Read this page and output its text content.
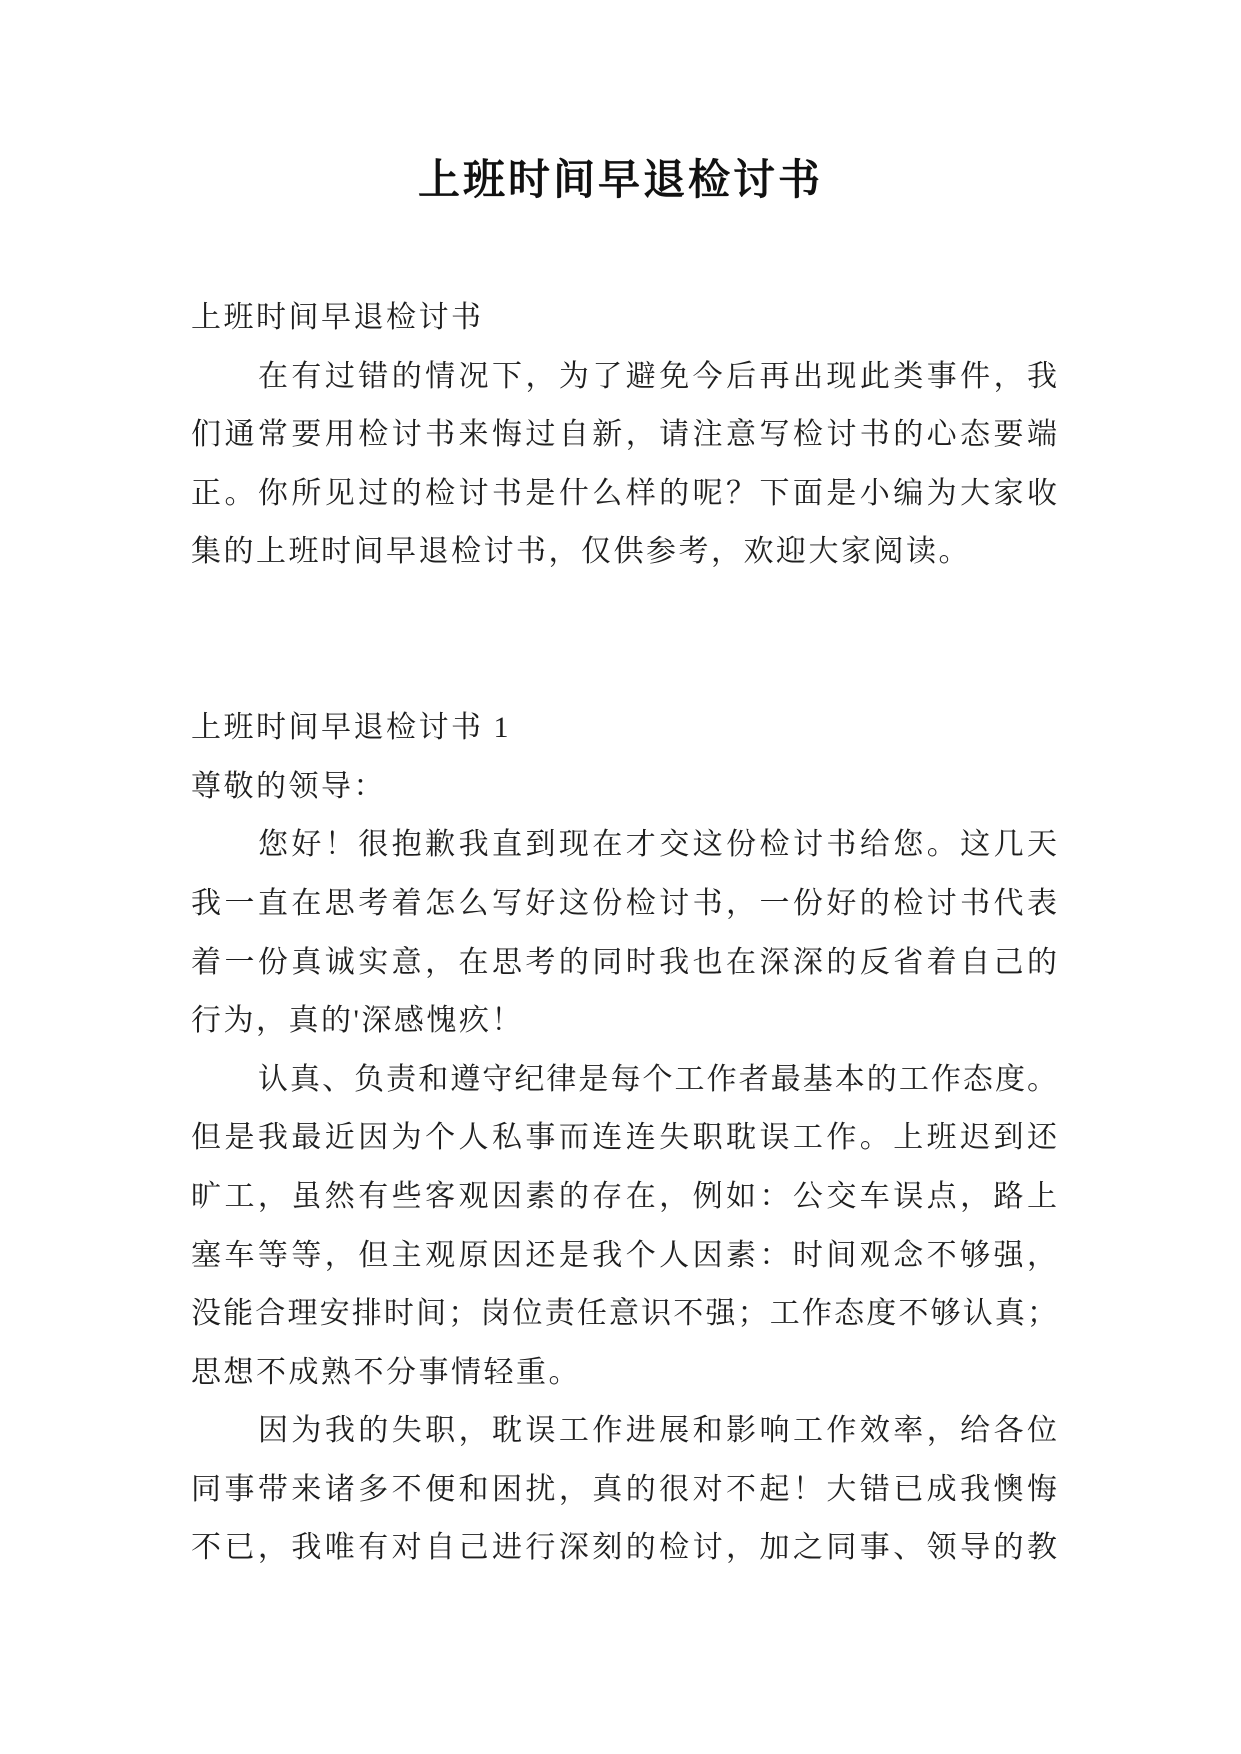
上班时间早退检讨书
上班时间早退检讨书
在有过错的情况下，为了避免今后再出现此类事件，我
们通常要用检讨书来悔过自新，请注意写检讨书的心态要端
正。你所见过的检讨书是什么样的呢？下面是小编为大家收
集的上班时间早退检讨书，仅供参考，欢迎大家阅读。
上班时间早退检讨书 1
尊敬的领导：
您好！很抱歉我直到现在才交这份检讨书给您。这几天
我一直在思考着怎么写好这份检讨书，一份好的检讨书代表
着一份真诚实意，在思考的同时我也在深深的反省着自己的
行为，真的'深感愧疚！
认真、负责和遵守纪律是每个工作者最基本的工作态度。
但是我最近因为个人私事而连连失职耽误工作。上班迟到还
旷工，虽然有些客观因素的存在，例如：公交车误点，路上
塞车等等，但主观原因还是我个人因素：时间观念不够强，
没能合理安排时间；岗位责任意识不强；工作态度不够认真；
思想不成熟不分事情轻重。
因为我的失职，耽误工作进展和影响工作效率，给各位
同事带来诸多不便和困扰，真的很对不起！大错已成我懊悔
不已，我唯有对自己进行深刻的检讨，加之同事、领导的教
